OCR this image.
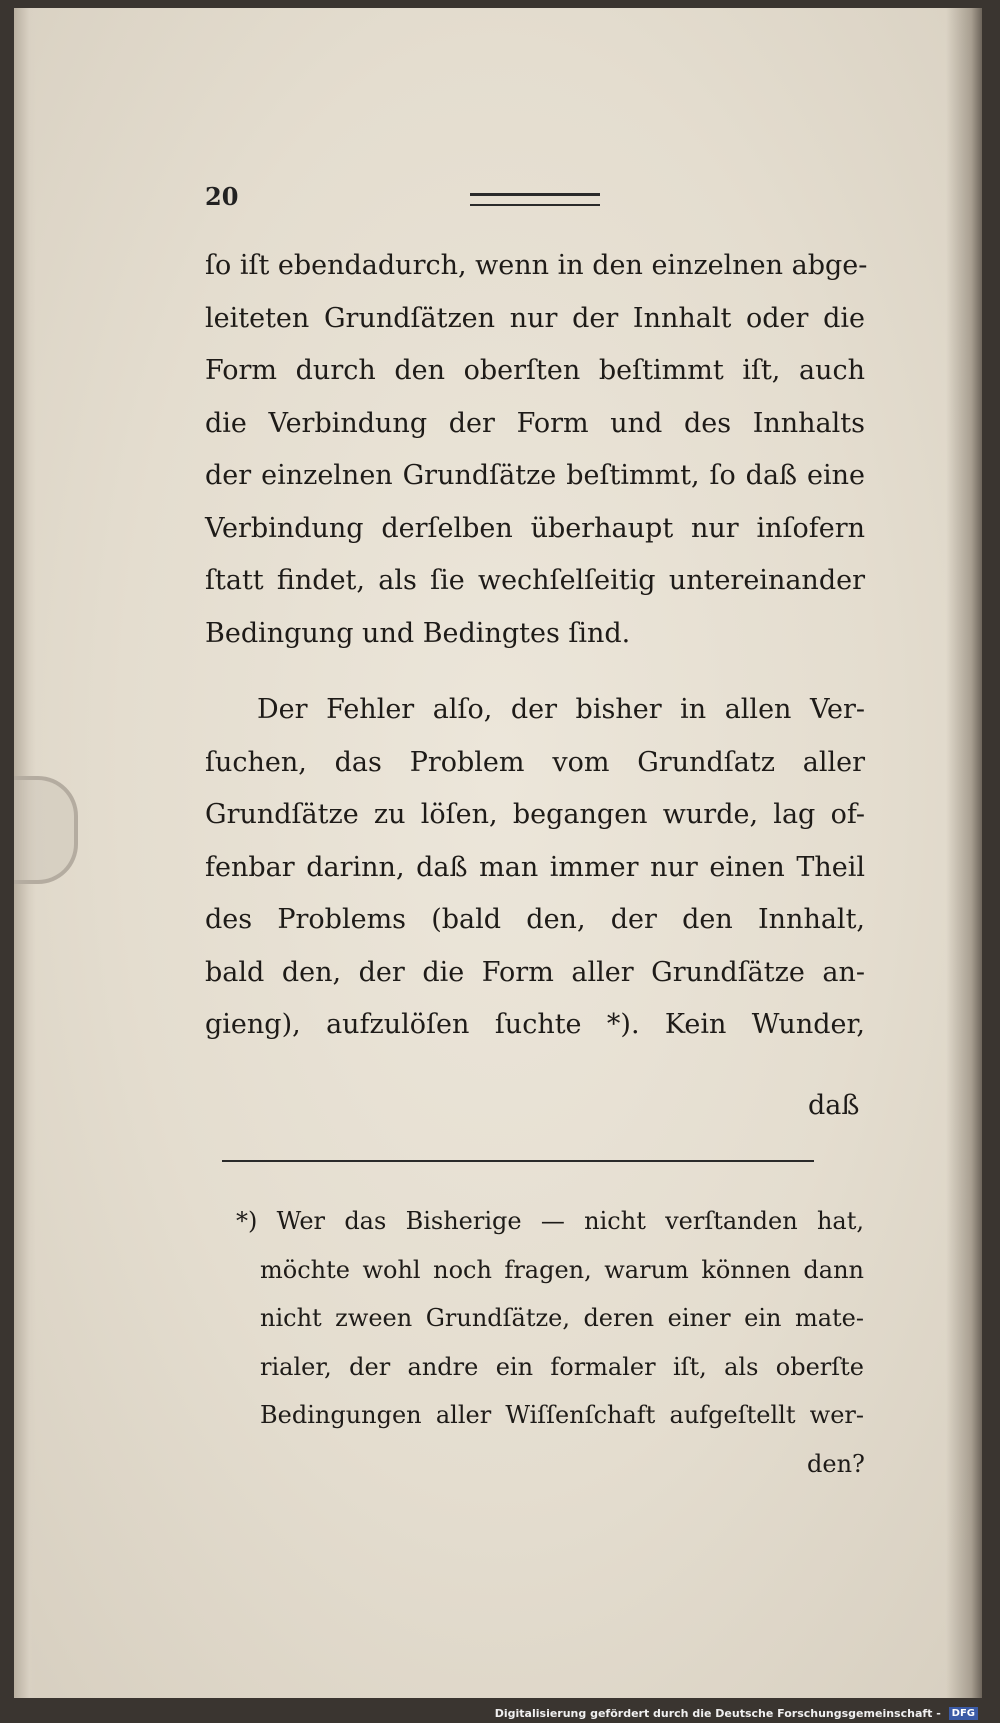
20
ſo iſt ebendadurch, wenn in den einzelnen abge-
leiteten Grundſätzen nur der Innhalt oder die
Form durch den oberſten beſtimmt iſt, auch
die Verbindung der Form und des Innhalts
der einzelnen Grundſätze beſtimmt, ſo daß eine
Verbindung derſelben überhaupt nur inſofern
ſtatt findet, als ſie wechſelſeitig untereinander
Bedingung und Bedingtes ſind.
Der Fehler alſo, der bisher in allen Ver-
ſuchen, das Problem vom Grundſatz aller
Grundſätze zu löſen, begangen wurde, lag of-
fenbar darinn, daß man immer nur einen Theil
des Problems (bald den, der den Innhalt,
bald den, der die Form aller Grundſätze an-
gieng), aufzulöſen ſuchte *). Kein Wunder,
daß
*) Wer das Bisherige — nicht verſtanden hat,
möchte wohl noch fragen, warum können dann
nicht zween Grundſätze, deren einer ein mate-
rialer, der andre ein formaler iſt, als oberſte
Bedingungen aller Wiſſenſchaft aufgeſtellt wer-
den?
Digitalisierung gefördert durch die Deutsche Forschungsgemeinschaft - DFG
